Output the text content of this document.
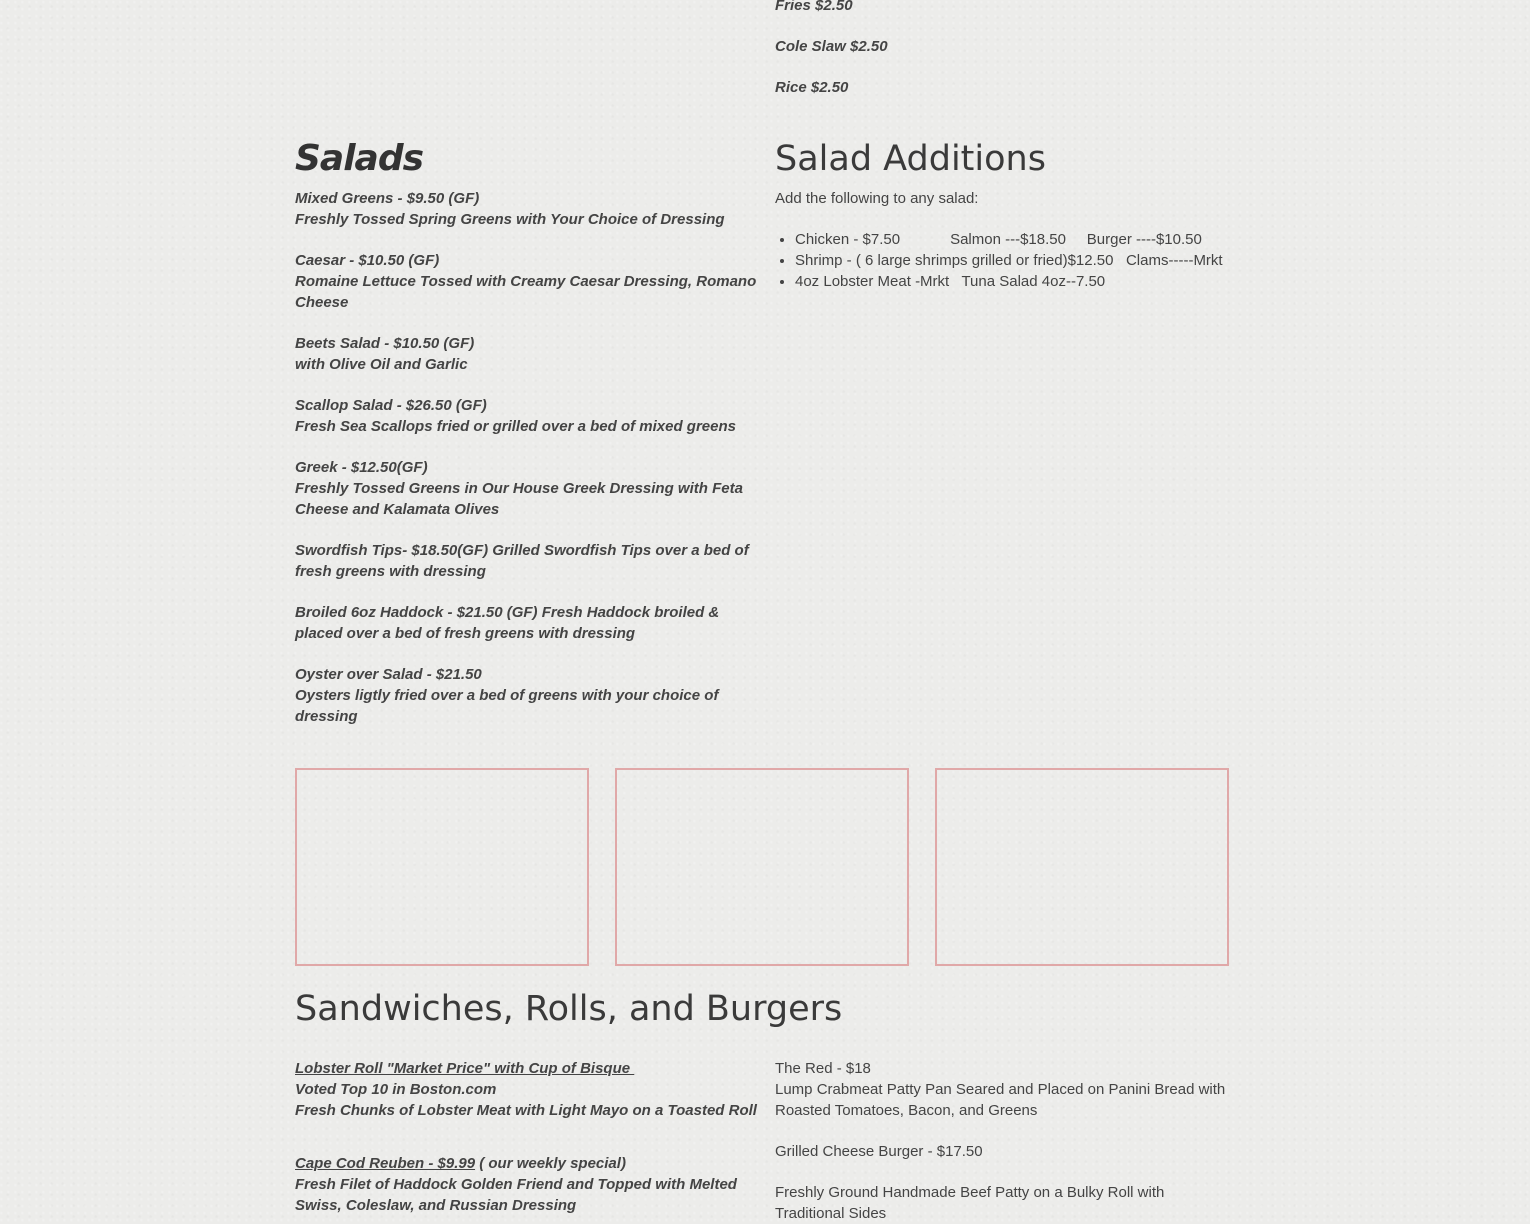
Fries $2.50

Cole Slaw $2.50

Rice $2.50

Salads

Mixed Greens - $9.50 (GF)

Freshly Tossed Spring Greens with Your Choice of Dressing

Caesar - $10.50 (GF)

Romaine Lettuce Tossed with Creamy Caesar Dressing, Romano Cheese

Beets Salad - $10.50 (GF)

with Olive Oil and Garlic

Scallop Salad - $26.50 (GF)

Fresh Sea Scallops fried or grilled over a bed of mixed greens

Greek - $12.50(GF)

Freshly Tossed Greens in Our House Greek Dressing with Feta Cheese and Kalamata Olives

Swordfish Tips- $18.50(GF) Grilled Swordfish Tips over a bed of fresh greens with dressing

Broiled 6oz Haddock - $21.50 (GF) Fresh Haddock broiled & placed over a bed of fresh greens with dressing

Oyster over Salad - $21.50

Oysters ligtly fried over a bed of greens with your choice of dressing

Salad Additions
Add the following to any salad:
• Chicken - $7.50            Salmon ---$18.50     Burger ----$10.50
• Shrimp - ( 6 large shrimps grilled or fried)$12.50   Clams-----Mrkt
• 4oz Lobster Meat -Mrkt   Tuna Salad 4oz--7.50
Sandwiches, Rolls, and Burgers

Lobster Roll "Market Price" with Cup of Bisque

Voted Top 10 in Boston.com

Fresh Chunks of Lobster Meat with Light Mayo on a Toasted Roll

Cape Cod Reuben - $9.99 ( our weekly special)

Fresh Filet of Haddock Golden Friend and Topped with Melted Swiss, Coleslaw, and Russian Dressing

The Red - $18

Lump Crabmeat Patty Pan Seared and Placed on Panini Bread with Roasted Tomatoes, Bacon, and Greens

Grilled Cheese Burger - $17.50

Freshly Ground Handmade Beef Patty on a Bulky Roll with Traditional Sides
